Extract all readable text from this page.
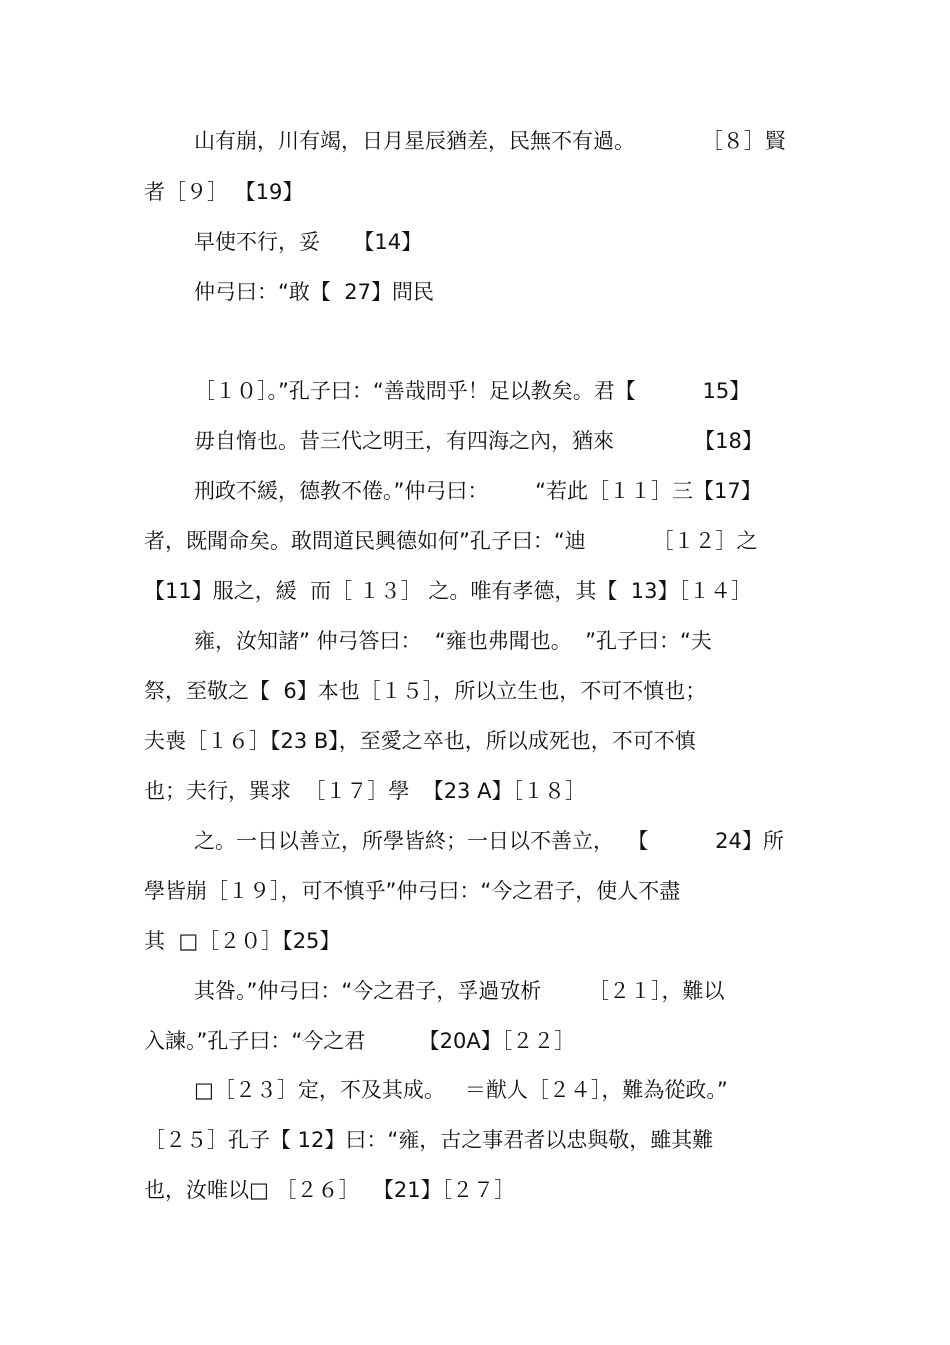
山有崩，川有竭，日月星辰猶差，民無不有過。          ［８］賢
者［９］ 【19】
早使不行，妥     【14】
仲弓曰：“敢【  27】問民
［１０］。”孔子曰：“善哉問乎！足以教矣。君【          15】
毋自惰也。昔三代之明王，有四海之內，猶來            【18】
刑政不緩，德教不倦。”仲弓曰：       “若此［１１］三【17】
者，既聞命矣。敢問道民興德如何”孔子曰：“迪          ［１２］之
【11】服之，緩  而［ １３］ 之。唯有孝德，其【  13】［１４］
雍，汝知諸” 仲弓答曰：  “雍也弗聞也。  ”孔子曰：“夫
祭，至敬之【  6】本也［１５］，所以立生也，不可不慎也；
夫喪［１６］【23 B】，至愛之卒也，所以成死也，不可不慎
也；夫行，巽求  ［１７］學  【23 A】［１８］
之。一日以善立，所學皆終；一日以不善立，  【          24】所
學皆崩［１９］，可不慎乎”仲弓曰：“今之君子，使人不盡
其  □［２０］【25】
其咎。”仲弓曰：“今之君子，孚過攷析       ［２１］，難以
入諫。”孔子曰：“今之君        【20A】［２２］
□［２３］定，不及其成。   ＝猷人［２４］，難為從政。”
［２５］孔子【 12】曰：“雍，古之事君者以忠與敬，雖其難
也，汝唯以□ ［２６］  【21】［２７］
